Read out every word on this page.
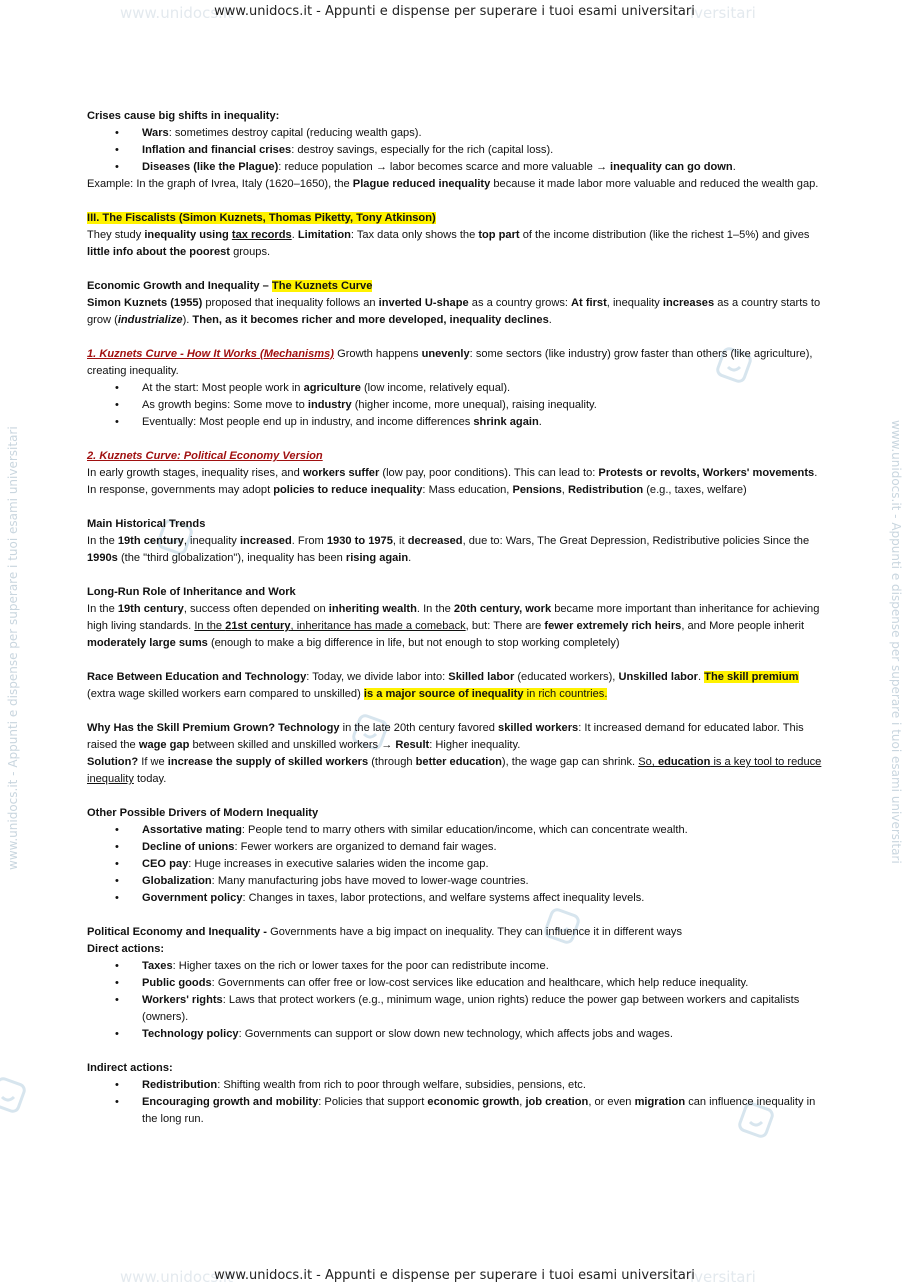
www.unidocs.it	iversitari
www.unidocs.it - Appunti e dispense per superare i tuoi esami universitari
www.unidocs.it	iversitari
www.unidocs.it - Appunti e dispense per superare i tuoi esami universitari
www.unidocs.it - Appunti e dispense per superare i tuoi esami universitari	www.unidocs.it - Appunti e dispense per superare i tuoi esami universitari

Crises cause big shifts in inequality:

• Wars: sometimes destroy capital (reducing wealth gaps).
• Inflation and financial crises: destroy savings, especially for the rich (capital loss).
• Diseases (like the Plague): reduce population → labor becomes scarce and more valuable → inequality can go down.

Example: In the graph of Ivrea, Italy (1620–1650), the Plague reduced inequality because it made labor more valuable and reduced the wealth gap.

III. The Fiscalists (Simon Kuznets, Thomas Piketty, Tony Atkinson)

They study inequality using tax records. Limitation: Tax data only shows the top part of the income distribution (like the richest 1–5%) and gives little info about the poorest groups.

Economic Growth and Inequality – The Kuznets Curve

Simon Kuznets (1955) proposed that inequality follows an inverted U-shape as a country grows: At first, inequality increases as a country starts to grow (industrialize). Then, as it becomes richer and more developed, inequality declines.

1. Kuznets Curve - How It Works (Mechanisms) Growth happens unevenly: some sectors (like industry) grow faster than others (like agriculture), creating inequality.

• At the start: Most people work in agriculture (low income, relatively equal).
• As growth begins: Some move to industry (higher income, more unequal), raising inequality.
• Eventually: Most people end up in industry, and income differences shrink again.

2. Kuznets Curve: Political Economy Version

In early growth stages, inequality rises, and workers suffer (low pay, poor conditions). This can lead to: Protests or revolts, Workers' movements. In response, governments may adopt policies to reduce inequality: Mass education, Pensions, Redistribution (e.g., taxes, welfare)

Main Historical Trends

In the 19th century, inequality increased. From 1930 to 1975, it decreased, due to: Wars, The Great Depression, Redistributive policies Since the 1990s (the "third globalization"), inequality has been rising again.

Long-Run Role of Inheritance and Work

In the 19th century, success often depended on inheriting wealth. In the 20th century, work became more important than inheritance for achieving high living standards. In the 21st century, inheritance has made a comeback, but: There are fewer extremely rich heirs, and More people inherit moderately large sums (enough to make a big difference in life, but not enough to stop working completely)

Race Between Education and Technology: Today, we divide labor into: Skilled labor (educated workers), Unskilled labor. The skill premium (extra wage skilled workers earn compared to unskilled) is a major source of inequality in rich countries.

Why Has the Skill Premium Grown? Technology in the late 20th century favored skilled workers: It increased demand for educated labor. This raised the wage gap between skilled and unskilled workers → Result: Higher inequality.

Solution? If we increase the supply of skilled workers (through better education), the wage gap can shrink. So, education is a key tool to reduce inequality today.

Other Possible Drivers of Modern Inequality

• Assortative mating: People tend to marry others with similar education/income, which can concentrate wealth.
• Decline of unions: Fewer workers are organized to demand fair wages.
• CEO pay: Huge increases in executive salaries widen the income gap.
• Globalization: Many manufacturing jobs have moved to lower-wage countries.
• Government policy: Changes in taxes, labor protections, and welfare systems affect inequality levels.

Political Economy and Inequality - Governments have a big impact on inequality. They can influence it in different ways

Direct actions:

• Taxes: Higher taxes on the rich or lower taxes for the poor can redistribute income.
• Public goods: Governments can offer free or low-cost services like education and healthcare, which help reduce inequality.
• Workers' rights: Laws that protect workers (e.g., minimum wage, union rights) reduce the power gap between workers and capitalists (owners).
• Technology policy: Governments can support or slow down new technology, which affects jobs and wages.

Indirect actions:

• Redistribution: Shifting wealth from rich to poor through welfare, subsidies, pensions, etc.
• Encouraging growth and mobility: Policies that support economic growth, job creation, or even migration can influence inequality in the long run.
